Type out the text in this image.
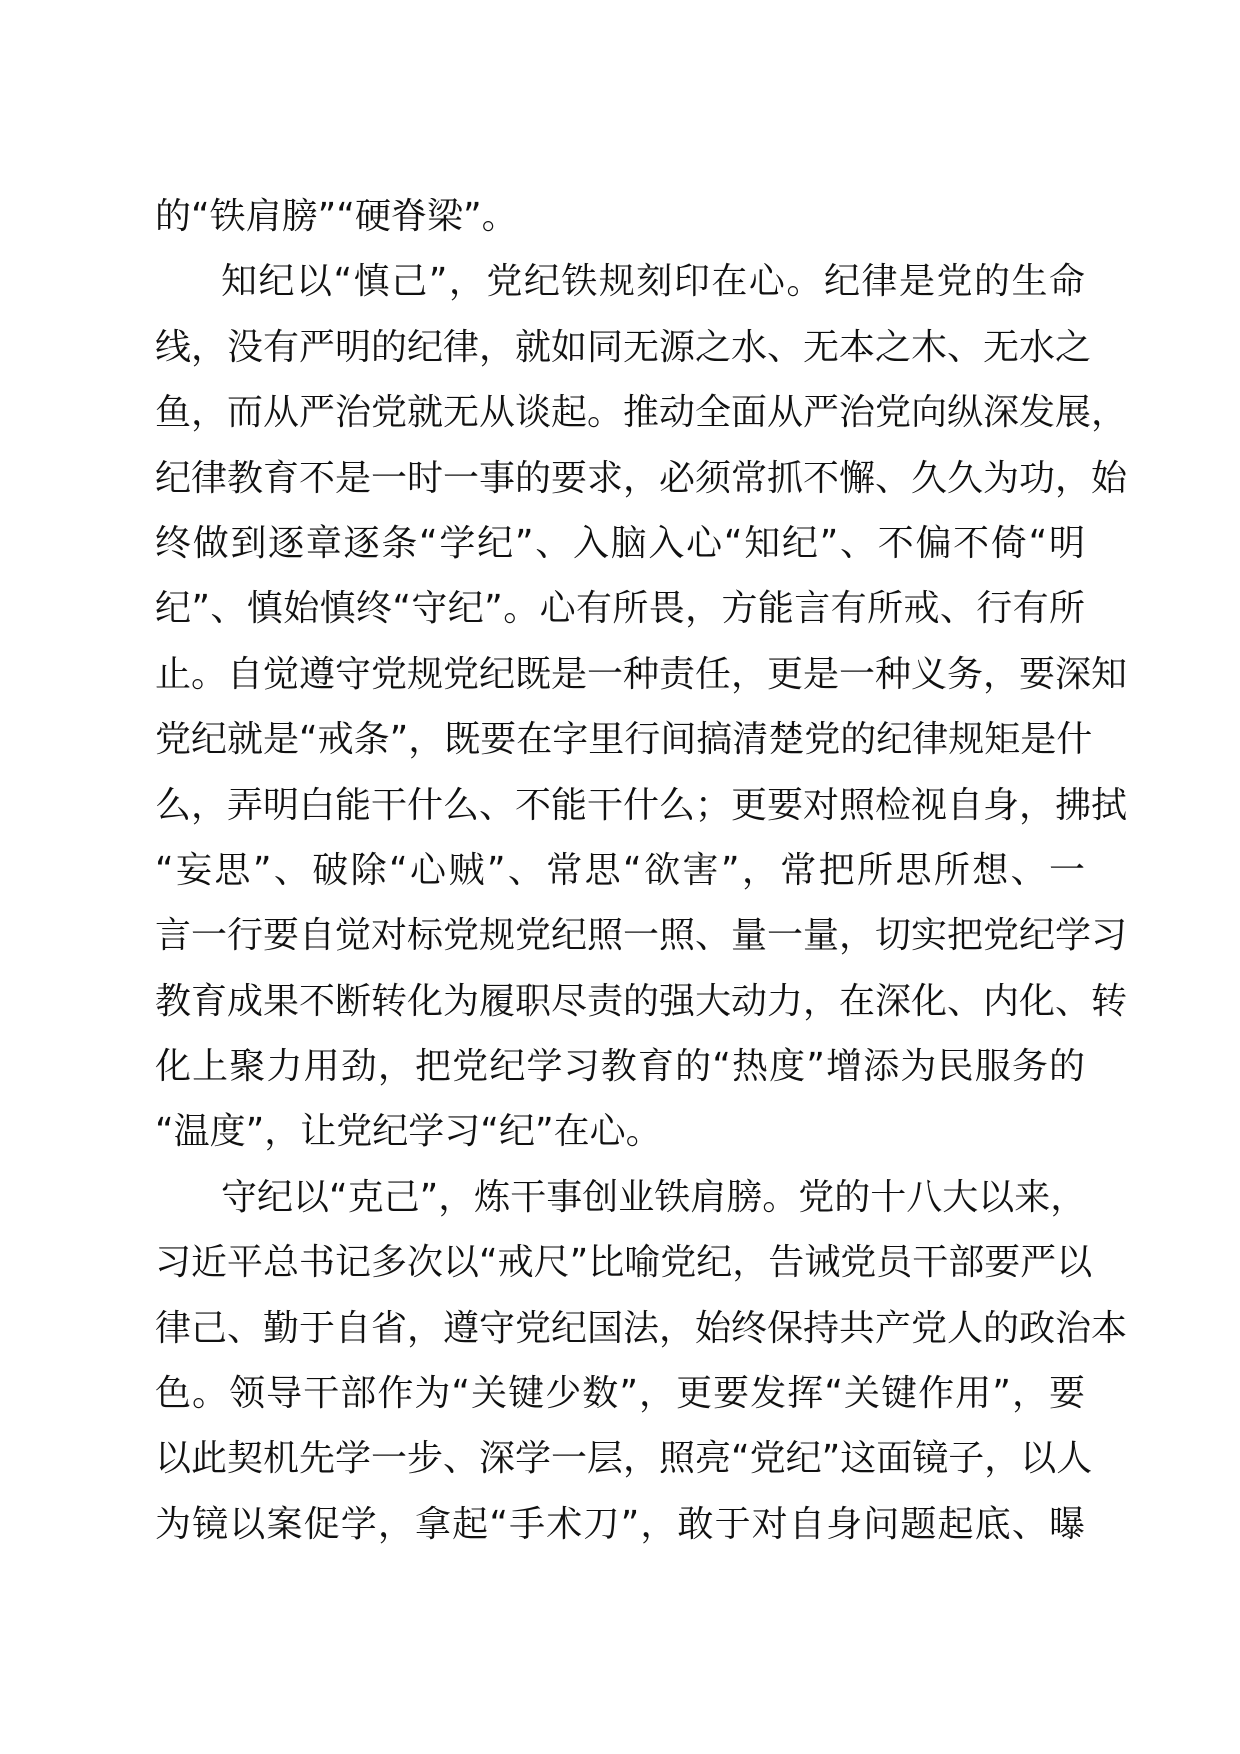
的“铁肩膀”“硬脊梁”。
知纪以“慎己”，党纪铁规刻印在心。纪律是党的生命
线，没有严明的纪律，就如同无源之水、无本之木、无水之
鱼，而从严治党就无从谈起。推动全面从严治党向纵深发展，
纪律教育不是一时一事的要求，必须常抓不懈、久久为功，始
终做到逐章逐条“学纪”、入脑入心“知纪”、不偏不倚“明
纪”、慎始慎终“守纪”。心有所畏，方能言有所戒、行有所
止。自觉遵守党规党纪既是一种责任，更是一种义务，要深知
党纪就是“戒条”，既要在字里行间搞清楚党的纪律规矩是什
么，弄明白能干什么、不能干什么；更要对照检视自身，拂拭
“妄思”、破除“心贼”、常思“欲害”，常把所思所想、一
言一行要自觉对标党规党纪照一照、量一量，切实把党纪学习
教育成果不断转化为履职尽责的强大动力，在深化、内化、转
化上聚力用劲，把党纪学习教育的“热度”增添为民服务的
“温度”，让党纪学习“纪”在心。
守纪以“克己”，炼干事创业铁肩膀。党的十八大以来，
习近平总书记多次以“戒尺”比喻党纪，告诫党员干部要严以
律己、勤于自省，遵守党纪国法，始终保持共产党人的政治本
色。领导干部作为“关键少数”，更要发挥“关键作用”，要
以此契机先学一步、深学一层，照亮“党纪”这面镜子，以人
为镜以案促学，拿起“手术刀”，敢于对自身问题起底、曝
